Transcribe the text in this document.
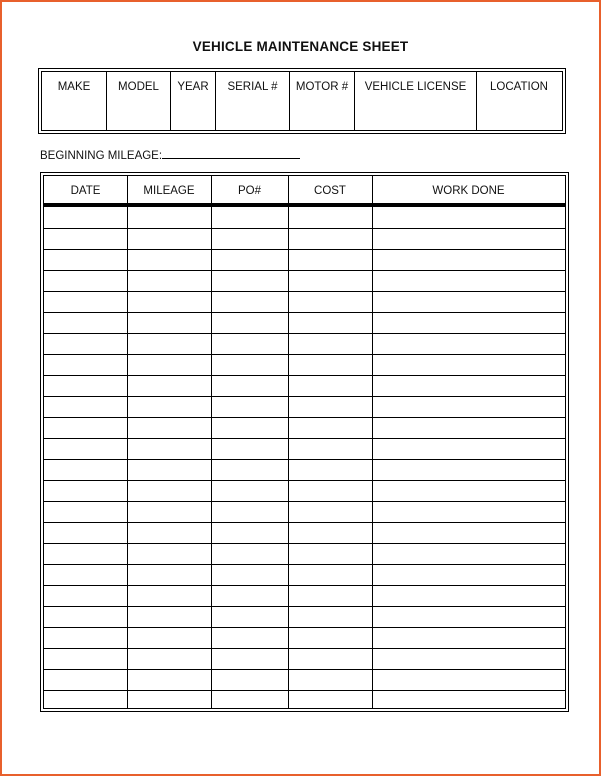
VEHICLE MAINTENANCE SHEET
MAKE	MODEL	YEAR	SERIAL #	MOTOR #	VEHICLE LICENSE	LOCATION
BEGINNING MILEAGE:
DATE	MILEAGE	PO#	COST	WORK DONE
